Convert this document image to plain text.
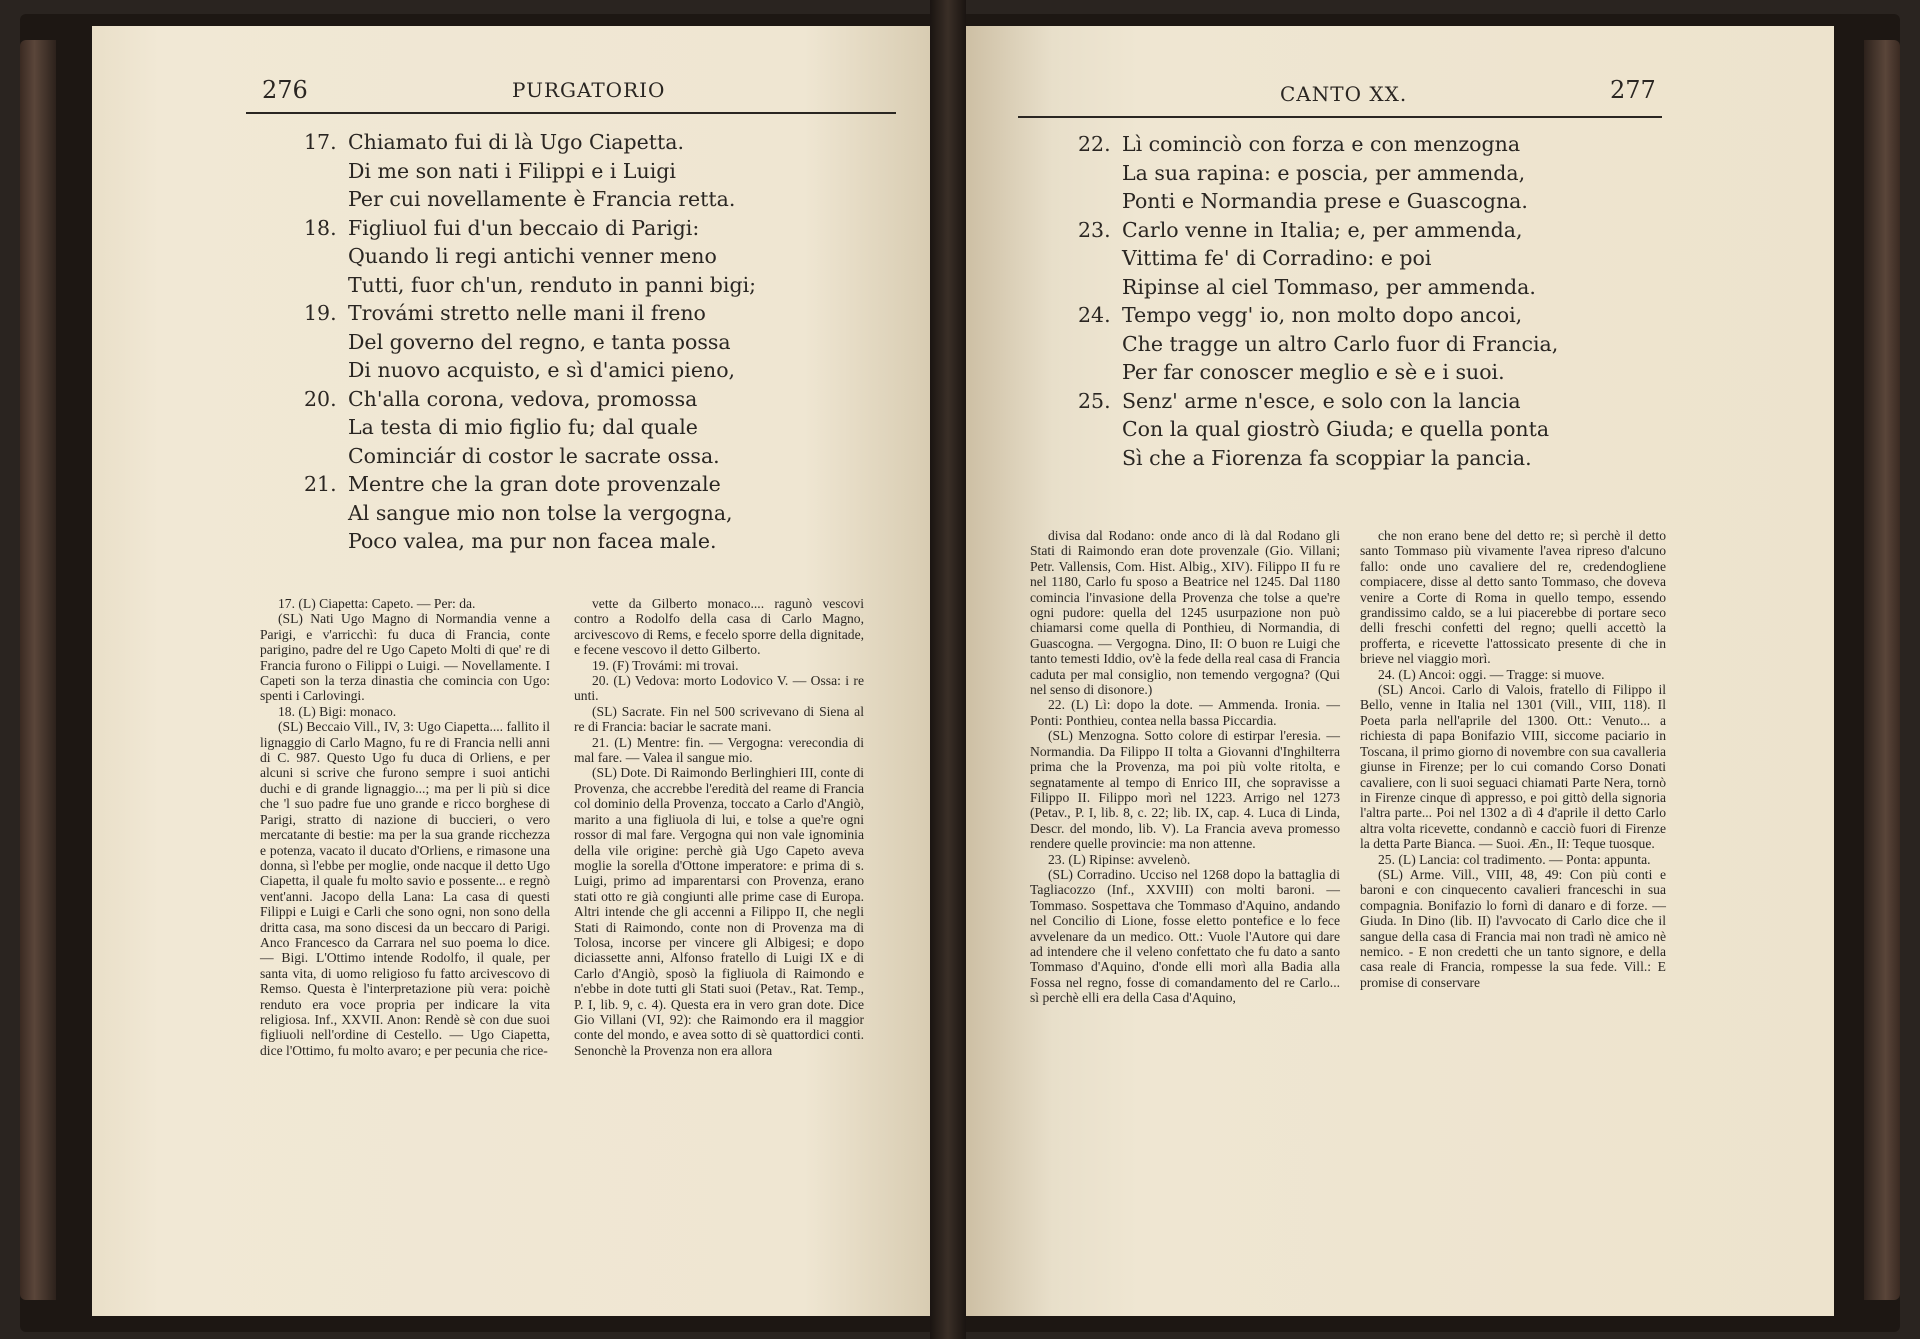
276	PURGATORIO
17. Chiamato fui di là Ugo Ciapetta.
Di me son nati i Filippi e i Luigi
Per cui novellamente è Francia retta.
18. Figliuol fui d'un beccaio di Parigi:
Quando li regi antichi venner meno
Tutti, fuor ch'un, renduto in panni bigi;
19. Trovámi stretto nelle mani il freno
Del governo del regno, e tanta possa
Di nuovo acquisto, e sì d'amici pieno,
20. Ch'alla corona, vedova, promossa
La testa di mio figlio fu; dal quale
Cominciár di costor le sacrate ossa.
21. Mentre che la gran dote provenzale
Al sangue mio non tolse la vergogna,
Poco valea, ma pur non facea male.

17. (L) Ciapetta: Capeto. — Per: da.

(SL) Nati Ugo Magno di Normandia venne a Parigi, e v'arricchì: fu duca di Francia, conte parigino, padre del re Ugo Capeto Molti di que' re di Francia furono o Filippi o Luigi. — Novellamente. I Capeti son la terza dinastia che comincia con Ugo: spenti i Carlovingi.

18. (L) Bigi: monaco.

(SL) Beccaio Vill., IV, 3: Ugo Ciapetta.... fallito il lignaggio di Carlo Magno, fu re di Francia nelli anni di C. 987. Questo Ugo fu duca di Orliens, e per alcuni si scrive che furono sempre i suoi antichi duchi e di grande lignaggio...; ma per li più si dice che 'l suo padre fue uno grande e ricco borghese di Parigi, stratto di nazione di buccieri, o vero mercatante di bestie: ma per la sua grande ricchezza e potenza, vacato il ducato d'Orliens, e rimasone una donna, sì l'ebbe per moglie, onde nacque il detto Ugo Ciapetta, il quale fu molto savio e possente... e regnò vent'anni. Jacopo della Lana: La casa di questi Filippi e Luigi e Carli che sono ogni, non sono della dritta casa, ma sono discesi da un beccaro di Parigi. Anco Francesco da Carrara nel suo poema lo dice. — Bigi. L'Ottimo intende Rodolfo, il quale, per santa vita, di uomo religioso fu fatto arcivescovo di Remso. Questa è l'interpretazione più vera: poichè renduto era voce propria per indicare la vita religiosa. Inf., XXVII. Anon: Rendè sè con due suoi figliuoli nell'ordine di Cestello. — Ugo Ciapetta, dice l'Ottimo, fu molto avaro; e per pecunia che rice-

vette da Gilberto monaco.... ragunò vescovi contro a Rodolfo della casa di Carlo Magno, arcivescovo di Rems, e fecelo sporre della dignitade, e fecene vescovo il detto Gilberto.

19. (F) Trovámi: mi trovai.

20. (L) Vedova: morto Lodovico V. — Ossa: i re unti.

(SL) Sacrate. Fin nel 500 scrivevano di Siena al re di Francia: baciar le sacrate mani.

21. (L) Mentre: fin. — Vergogna: verecondia di mal fare. — Valea il sangue mio.

(SL) Dote. Di Raimondo Berlinghieri III, conte di Provenza, che accrebbe l'eredità del reame di Francia col dominio della Provenza, toccato a Carlo d'Angiò, marito a una figliuola di lui, e tolse a que're ogni rossor di mal fare. Vergogna qui non vale ignominia della vile origine: perchè già Ugo Capeto aveva moglie la sorella d'Ottone imperatore: e prima di s. Luigi, primo ad imparentarsi con Provenza, erano stati otto re già congiunti alle prime case di Europa. Altri intende che gli accenni a Filippo II, che negli Stati di Raimondo, conte non di Provenza ma di Tolosa, incorse per vincere gli Albigesi; e dopo diciassette anni, Alfonso fratello di Luigi IX e di Carlo d'Angiò, sposò la figliuola di Raimondo e n'ebbe in dote tutti gli Stati suoi (Petav., Rat. Temp., P. I, lib. 9, c. 4). Questa era in vero gran dote. Dice Gio Villani (VI, 92): che Raimondo era il maggior conte del mondo, e avea sotto di sè quattordici conti. Senonchè la Provenza non era allora

CANTO XX.	277
22. Lì cominciò con forza e con menzogna
La sua rapina: e poscia, per ammenda,
Ponti e Normandia prese e Guascogna.
23. Carlo venne in Italia; e, per ammenda,
Vittima fe' di Corradino: e poi
Ripinse al ciel Tommaso, per ammenda.
24. Tempo vegg' io, non molto dopo ancoi,
Che tragge un altro Carlo fuor di Francia,
Per far conoscer meglio e sè e i suoi.
25. Senz' arme n'esce, e solo con la lancia
Con la qual giostrò Giuda; e quella ponta
Sì che a Fiorenza fa scoppiar la pancia.

divisa dal Rodano: onde anco di là dal Rodano gli Stati di Raimondo eran dote provenzale (Gio. Villani; Petr. Vallensis, Com. Hist. Albig., XIV). Filippo II fu re nel 1180, Carlo fu sposo a Beatrice nel 1245. Dal 1180 comincia l'invasione della Provenza che tolse a que're ogni pudore: quella del 1245 usurpazione non può chiamarsi come quella di Ponthieu, di Normandia, di Guascogna. — Vergogna. Dino, II: O buon re Luigi che tanto temesti Iddio, ov'è la fede della real casa di Francia caduta per mal consiglio, non temendo vergogna? (Qui nel senso di disonore.)

22. (L) Lì: dopo la dote. — Ammenda. Ironia. — Ponti: Ponthieu, contea nella bassa Piccardia.

(SL) Menzogna. Sotto colore di estirpar l'eresia. — Normandia. Da Filippo II tolta a Giovanni d'Inghilterra prima che la Provenza, ma poi più volte ritolta, e segnatamente al tempo di Enrico III, che sopravisse a Filippo II. Filippo morì nel 1223. Arrigo nel 1273 (Petav., P. I, lib. 8, c. 22; lib. IX, cap. 4. Luca di Linda, Descr. del mondo, lib. V). La Francia aveva promesso rendere quelle provincie: ma non attenne.

23. (L) Ripinse: avvelenò.

(SL) Corradino. Ucciso nel 1268 dopo la battaglia di Tagliacozzo (Inf., XXVIII) con molti baroni. — Tommaso. Sospettava che Tommaso d'Aquino, andando nel Concilio di Lione, fosse eletto pontefice e lo fece avvelenare da un medico. Ott.: Vuole l'Autore qui dare ad intendere che il veleno confettato che fu dato a santo Tommaso d'Aquino, d'onde elli morì alla Badia alla Fossa nel regno, fosse di comandamento del re Carlo... sì perchè elli era della Casa d'Aquino,

che non erano bene del detto re; sì perchè il detto santo Tommaso più vivamente l'avea ripreso d'alcuno fallo: onde uno cavaliere del re, credendogliene compiacere, disse al detto santo Tommaso, che doveva venire a Corte di Roma in quello tempo, essendo grandissimo caldo, se a lui piacerebbe di portare seco delli freschi confetti del regno; quelli accettò la profferta, e ricevette l'attossicato presente di che in brieve nel viaggio morì.

24. (L) Ancoi: oggi. — Tragge: si muove.

(SL) Ancoi. Carlo di Valois, fratello di Filippo il Bello, venne in Italia nel 1301 (Vill., VIII, 118). Il Poeta parla nell'aprile del 1300. Ott.: Venuto... a richiesta di papa Bonifazio VIII, siccome paciario in Toscana, il primo giorno di novembre con sua cavalleria giunse in Firenze; per lo cui comando Corso Donati cavaliere, con li suoi seguaci chiamati Parte Nera, tornò in Firenze cinque dì appresso, e poi gittò della signoria l'altra parte... Poi nel 1302 a dì 4 d'aprile il detto Carlo altra volta ricevette, condannò e cacciò fuori di Firenze la detta Parte Bianca. — Suoi. Æn., II: Teque tuosque.

25. (L) Lancia: col tradimento. — Ponta: appunta.

(SL) Arme. Vill., VIII, 48, 49: Con più conti e baroni e con cinquecento cavalieri franceschi in sua compagnia. Bonifazio lo fornì di danaro e di forze. — Giuda. In Dino (lib. II) l'avvocato di Carlo dice che il sangue della casa di Francia mai non tradì nè amico nè nemico. - E non credetti che un tanto signore, e della casa reale di Francia, rompesse la sua fede. Vill.: E promise di conservare
